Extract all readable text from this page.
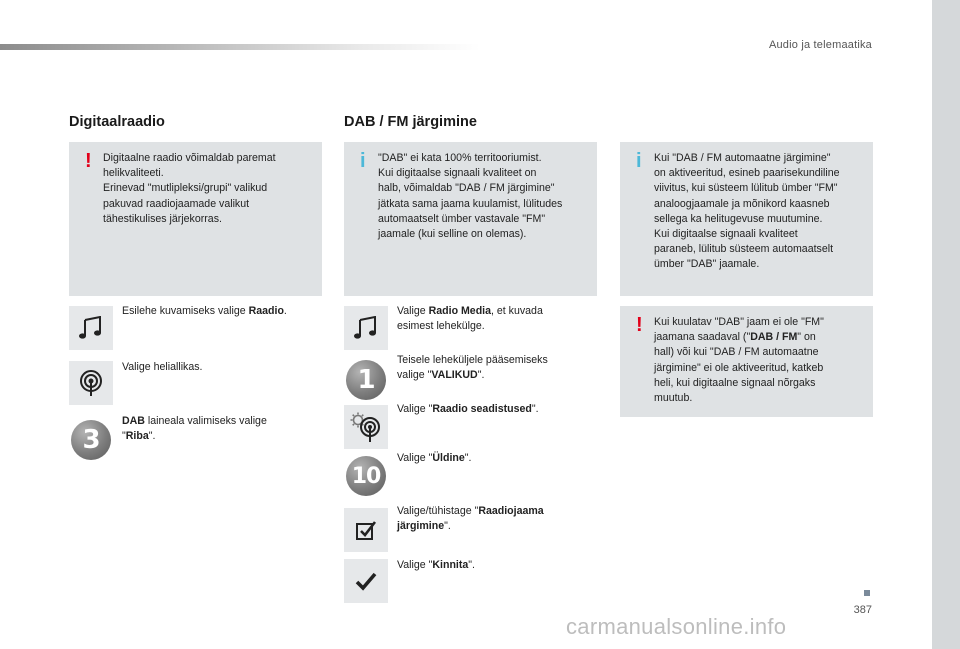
Audio ja telemaatika
Digitaalraadio
! Digitaalne raadio võimaldab paremat
helikvaliteeti.
Erinevad "mutlipleksi/grupi" valikud
pakuvad raadiojaamade valikut
tähestikulises järjekorras.
Esilehe kuvamiseks valige Raadio.
Valige heliallikas.
3
DAB laineala valimiseks valige
"Riba".
DAB / FM järgimine
i "DAB" ei kata 100% territooriumist.
Kui digitaalse signaali kvaliteet on
halb, võimaldab "DAB / FM järgimine"
jätkata sama jaama kuulamist, lülitudes
automaatselt ümber vastavale "FM"
jaamale (kui selline on olemas).
Valige Radio Media, et kuvada
esimest lehekülge.
1
Teisele leheküljele pääsemiseks
valige "VALIKUD".
Valige "Raadio seadistused".
10
Valige "Üldine".
Valige/tühistage "Raadiojaama
järgimine".
Valige "Kinnita".
i Kui "DAB / FM automaatne järgimine"
on aktiveeritud, esineb paarisekundiline
viivitus, kui süsteem lülitub ümber "FM"
analoogjaamale ja mõnikord kaasneb
sellega ka helitugevuse muutumine.
Kui digitaalse signaali kvaliteet
paraneb, lülitub süsteem automaatselt
ümber "DAB" jaamale.
! Kui kuulatav "DAB" jaam ei ole "FM"
jaamana saadaval ("DAB / FM" on
hall) või kui "DAB / FM automaatne
järgimine" ei ole aktiveeritud, katkeb
heli, kui digitaalne signaal nõrgaks
muutub.
387
carmanualsonline.info
